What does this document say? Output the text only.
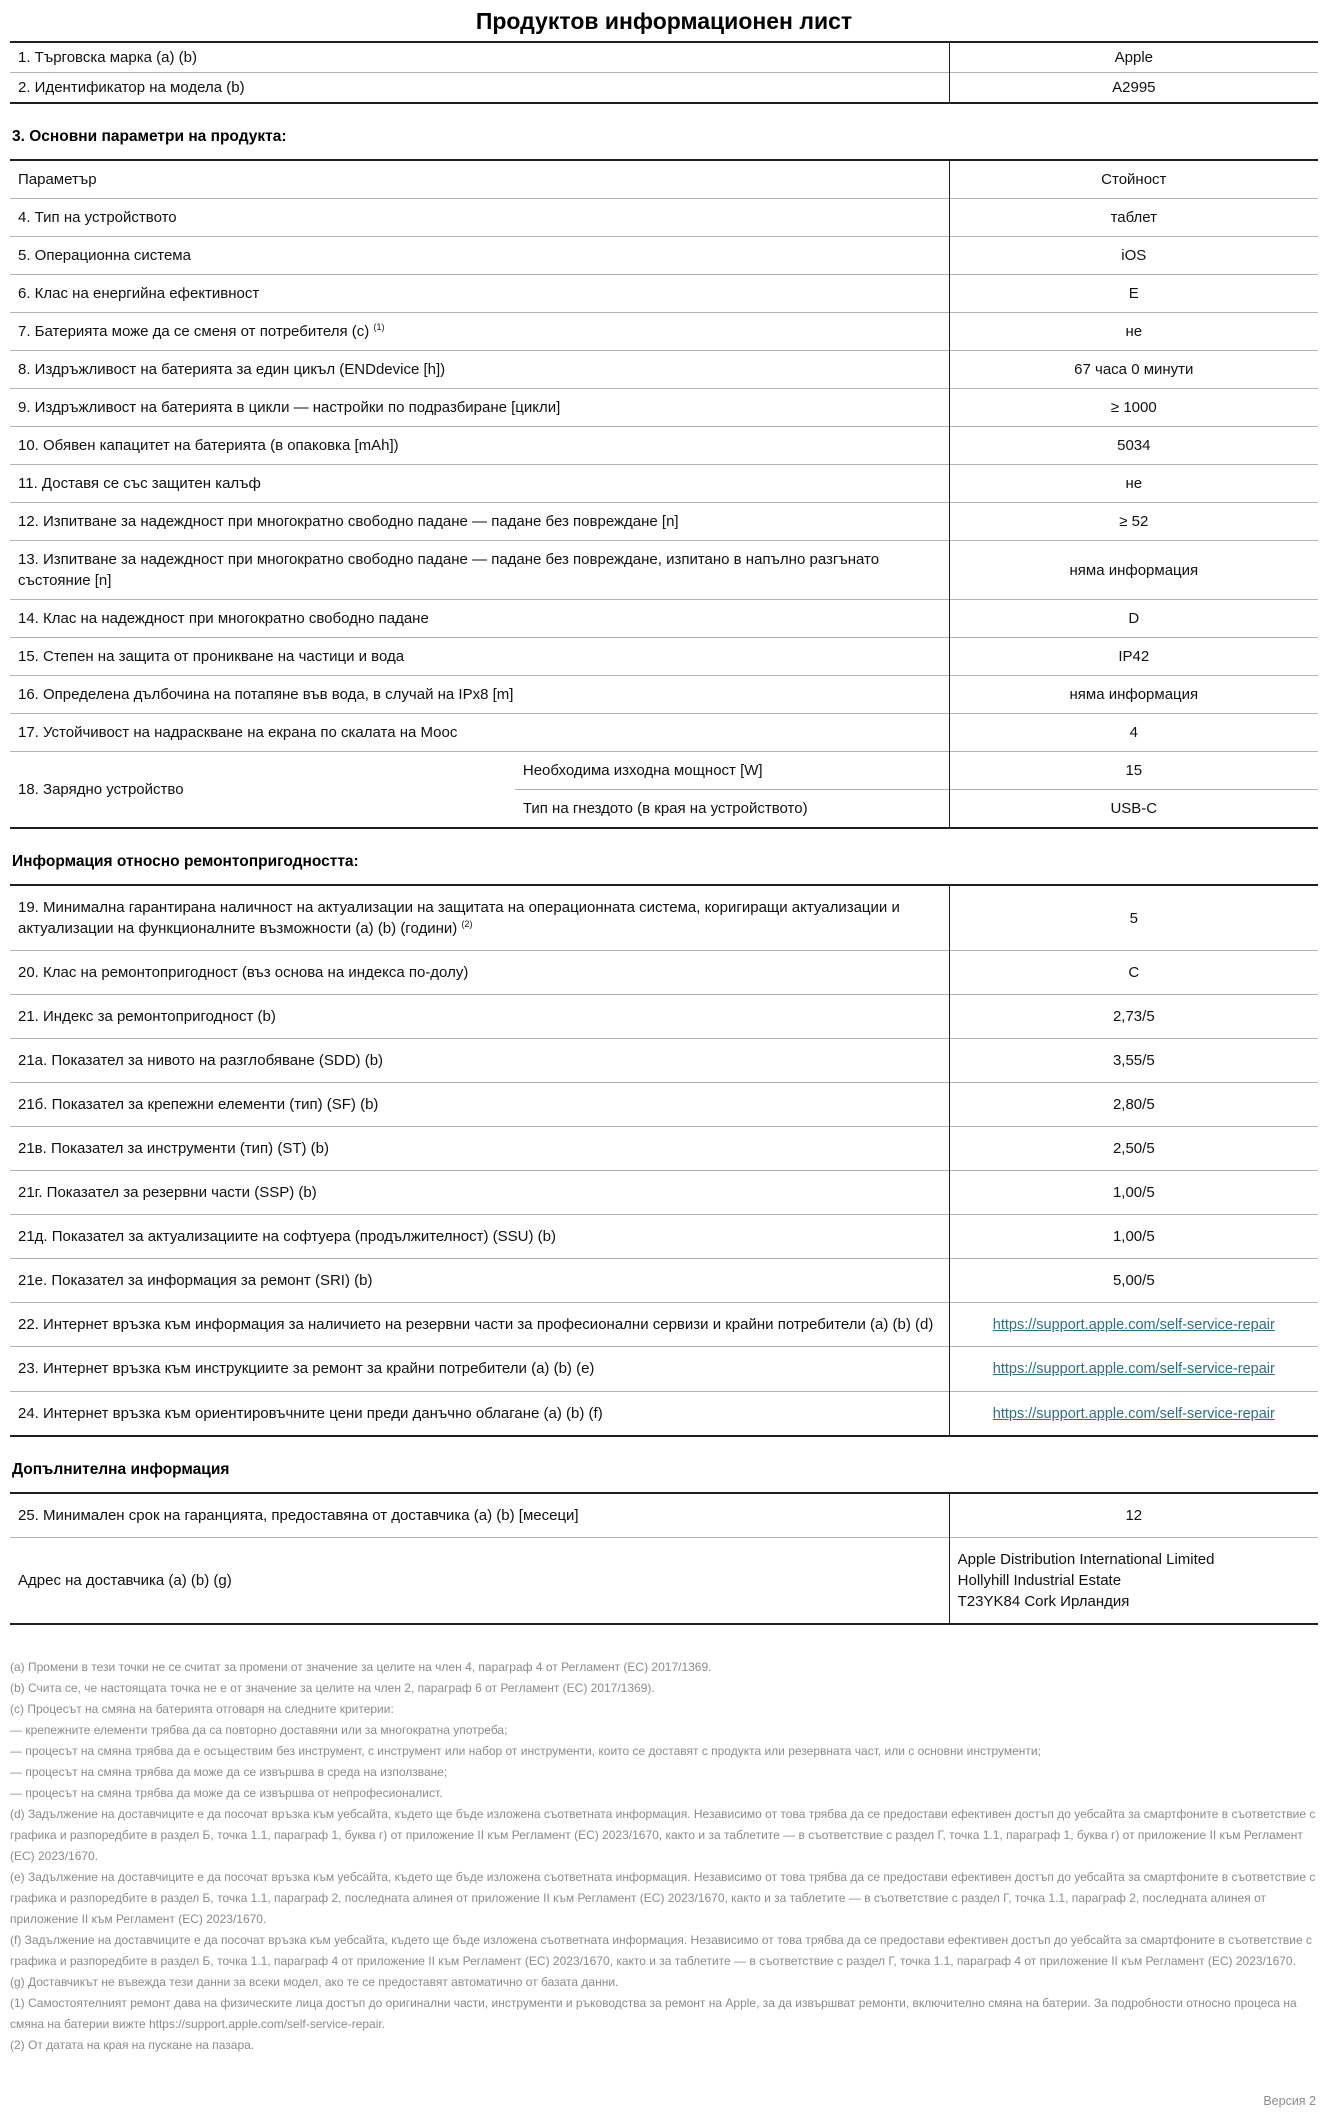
Продуктов информационен лист
1. Търговска марка (a) (b)	Apple
2. Идентификатор на модела (b)	A2995
3. Основни параметри на продукта:
Параметър		Стойност
4. Тип на устройството		таблет
5. Операционна система		iOS
6. Клас на енергийна ефективност		E
7. Батерията може да се сменя от потребителя (c) $^{(1)}$		не
8. Издръжливост на батерията за един цикъл (ENDdevice [h])		67 часа 0 минути
9. Издръжливост на батерията в цикли — настройки по подразбиране [цикли]		≥ 1000
10. Обявен капацитет на батерията (в опаковка [mAh])		5034
11. Доставя се със защитен калъф		не
12. Изпитване за надеждност при многократно свободно падане — падане без повреждане [n]		≥ 52
13. Изпитване за надеждност при многократно свободно падане — падане без повреждане, изпитано в напълно разгънато състояние [n]		няма информация
14. Клас на надеждност при многократно свободно падане		D
15. Степен на защита от проникване на частици и вода		IP42
16. Определена дълбочина на потапяне във вода, в случай на IPx8 [m]		няма информация
17. Устойчивост на надраскване на екрана по скалата на Моос		4
18. Зарядно устройство	Необходима изходна мощност [W]	15
	Тип на гнездото (в края на устройството)	USB-C
Информация относно ремонтопригодността:
19. Минимална гарантирана наличност на актуализации на защитата на операционната система, коригиращи актуализации и актуализации на функционалните възможности (a) (b) (години) $^{(2)}$	5
20. Клас на ремонтопригодност (въз основа на индекса по-долу)	C
21. Индекс за ремонтопригодност (b)	2,73/5
21а. Показател за нивото на разглобяване (SDD) (b)	3,55/5
21б. Показател за крепежни елементи (тип) (SF) (b)	2,80/5
21в. Показател за инструменти (тип) (ST) (b)	2,50/5
21г. Показател за резервни части (SSP) (b)	1,00/5
21д. Показател за актуализациите на софтуера (продължителност) (SSU) (b)	1,00/5
21е. Показател за информация за ремонт (SRI) (b)	5,00/5
22. Интернет връзка към информация за наличието на резервни части за професионални сервизи и крайни потребители (a) (b) (d)	https://support.apple.com/self-service-repair
23. Интернет връзка към инструкциите за ремонт за крайни потребители (a) (b) (e)	https://support.apple.com/self-service-repair
24. Интернет връзка към ориентировъчните цени преди данъчно облагане (a) (b) (f)	https://support.apple.com/self-service-repair
Допълнителна информация
25. Минимален срок на гаранцията, предоставяна от доставчика (a) (b) [месеци]	12
Адрес на доставчика (a) (b) (g)	Apple Distribution International Limited
Hollyhill Industrial Estate
T23YK84 Cork Ирландия
(a) Промени в тези точки не се считат за промени от значение за целите на член 4, параграф 4 от Регламент (ЕС) 2017/1369.
(b) Счита се, че настоящата точка не е от значение за целите на член 2, параграф 6 от Регламент (ЕС) 2017/1369).
(c) Процесът на смяна на батерията отговаря на следните критерии:
— крепежните елементи трябва да са повторно доставяни или за многократна употреба;
— процесът на смяна трябва да е осъществим без инструмент, с инструмент или набор от инструменти, които се доставят с продукта или резервната част, или с основни инструменти;
— процесът на смяна трябва да може да се извършва в среда на използване;
— процесът на смяна трябва да може да се извършва от непрофесионалист.
(d) Задължение на доставчиците е да посочат връзка към уебсайта, където ще бъде изложена съответната информация. Независимо от това трябва да се предостави ефективен достъп до уебсайта за смартфоните в съответствие с графика и разпоредбите в раздел Б, точка 1.1, параграф 1, буква г) от приложение II към Регламент (ЕС) 2023/1670, както и за таблетите — в съответствие с раздел Г, точка 1.1, параграф 1, буква г) от приложение II към Регламент (ЕС) 2023/1670.
(e) Задължение на доставчиците е да посочат връзка към уебсайта, където ще бъде изложена съответната информация. Независимо от това трябва да се предостави ефективен достъп до уебсайта за смартфоните в съответствие с графика и разпоредбите в раздел Б, точка 1.1, параграф 2, последната алинея от приложение II към Регламент (ЕС) 2023/1670, както и за таблетите — в съответствие с раздел Г, точка 1.1, параграф 2, последната алинея от приложение II към Регламент (ЕС) 2023/1670.
(f) Задължение на доставчиците е да посочат връзка към уебсайта, където ще бъде изложена съответната информация. Независимо от това трябва да се предостави ефективен достъп до уебсайта за смартфоните в съответствие с графика и разпоредбите в раздел Б, точка 1.1, параграф 4 от приложение II към Регламент (ЕС) 2023/1670, както и за таблетите — в съответствие с раздел Г, точка 1.1, параграф 4 от приложение II към Регламент (ЕС) 2023/1670.
(g) Доставчикът не въвежда тези данни за всеки модел, ако те се предоставят автоматично от базата данни.
(1) Самостоятелният ремонт дава на физическите лица достъп до оригинални части, инструменти и ръководства за ремонт на Apple, за да извършват ремонти, включително смяна на батерии. За подробности относно процеса на смяна на батерии вижте https://support.apple.com/self-service-repair.
(2) От датата на края на пускане на пазара.
Версия 2
